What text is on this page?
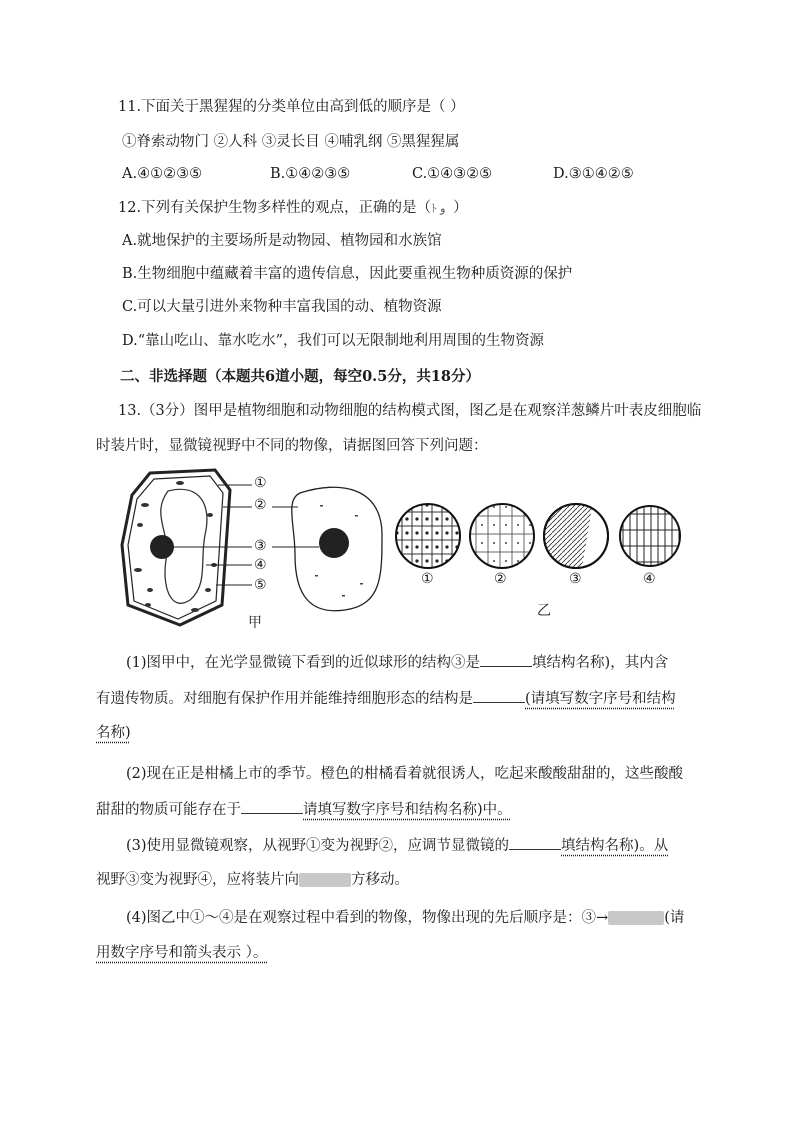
11.下面关于黑猩猩的分类单位由高到低的顺序是（ ）
①脊索动物门 ②人科 ③灵长目 ④哺乳纲 ⑤黑猩猩属
A.④①②③⑤	B.①④②③⑤	C.①④③②⑤	D.③①④②⑤
12.下列有关保护生物多样性的观点，正确的是（ﾄ ﻭ ）
A.就地保护的主要场所是动物园、植物园和水族馆
B.生物细胞中蕴藏着丰富的遗传信息，因此要重视生物种质资源的保护
C.可以大量引进外来物种丰富我国的动、植物资源
D.“靠山吃山、靠水吃水”，我们可以无限制地利用周围的生物资源
二、非选择题（本题共6道小题，每空0.5分，共18分）
13.（3分）图甲是植物细胞和动物细胞的结构模式图，图乙是在观察洋葱鳞片叶表皮细胞临
时装片时，显微镜视野中不同的物像，请据图回答下列问题：
①
②
③
④
⑤
甲
①	②	③	④
乙
(1)图甲中，在光学显微镜下看到的近似球形的结构③是	填结构名称)，其内含
有遗传物质。对细胞有保护作用并能维持细胞形态的结构是	(请填写数字序号和结构
名称)
(2)现在正是柑橘上市的季节。橙色的柑橘看着就很诱人，吃起来酸酸甜甜的，这些酸酸
甜甜的物质可能存在于	请填写数字序号和结构名称)中。
(3)使用显微镜观察，从视野①变为视野②，应调节显微镜的	填结构名称)。从
视野③变为视野④，应将装片向	方移动。
(4)图乙中①～④是在观察过程中看到的物像，物像出现的先后顺序是：③→	(请
用数字序号和箭头表示 ）。
